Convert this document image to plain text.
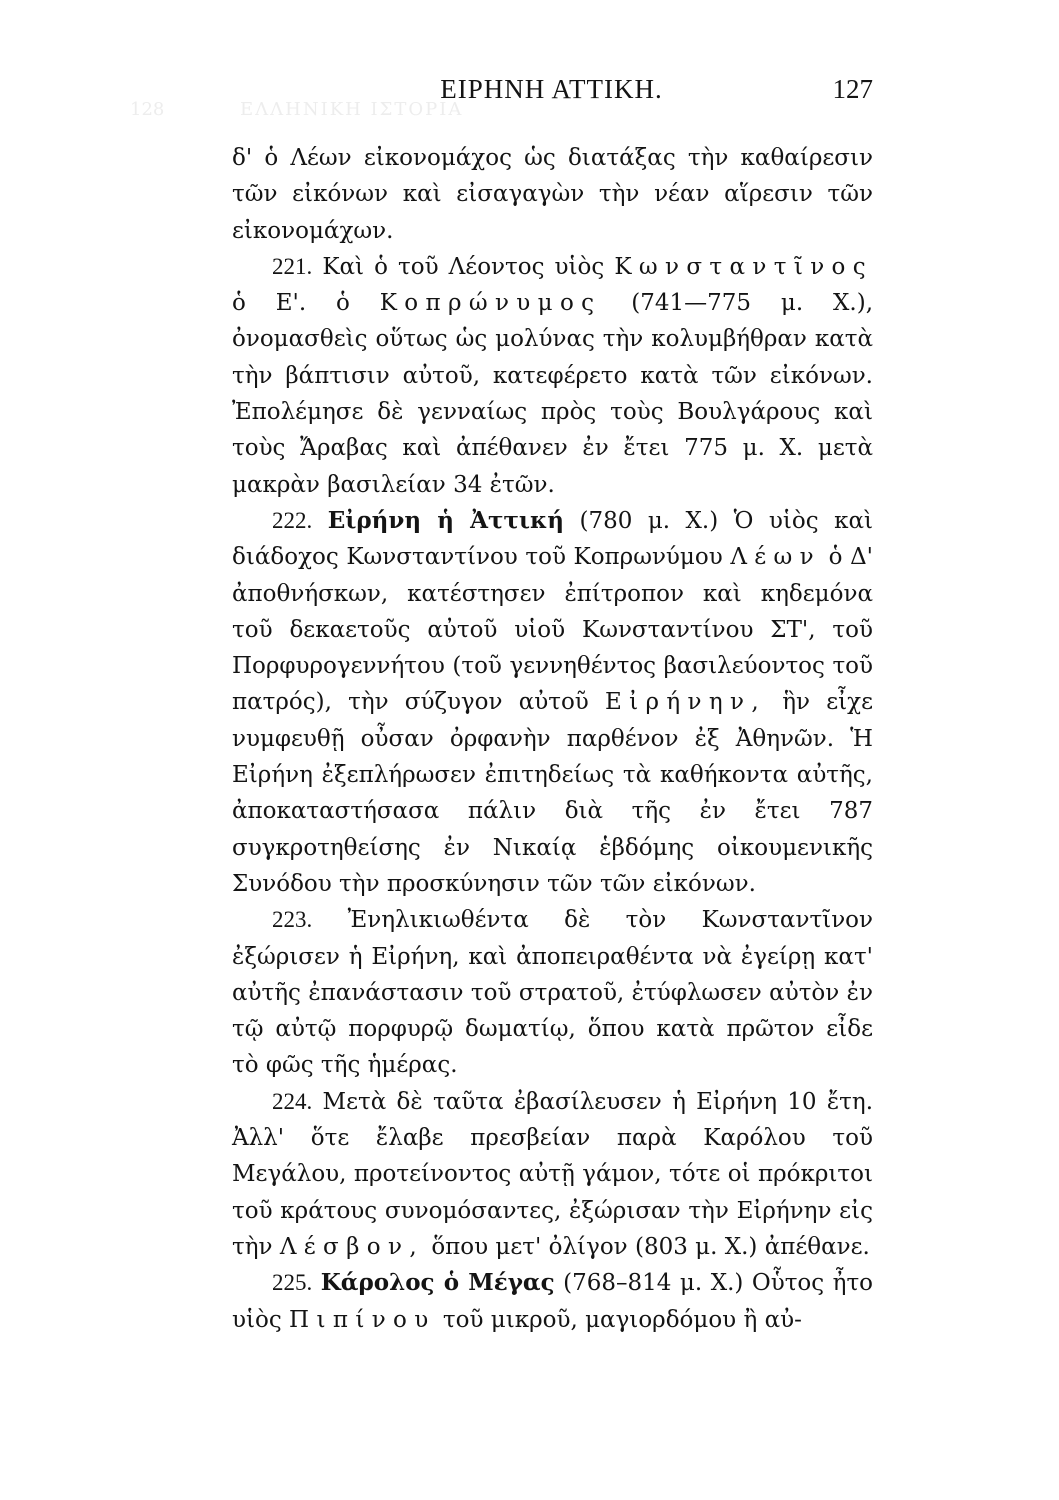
ΕΛΛΗΝΙΚΗ ΙΣΤΟΡΙΑ
128
ΕΙΡΗΝΗ ΑΤΤΙΚΗ.	127

δ' ὁ Λέων εἰκονομάχος ὡς διατάξας τὴν καθαίρεσιν τῶν εἰκόνων καὶ εἰσαγαγὼν τὴν νέαν αἵρεσιν τῶν εἰκονομάχων.

221. Καὶ ὁ τοῦ Λέοντος υἱὸς Κωνσταντῖνος ὁ Ε'. ὁ Κοπρώνυμος (741—775 μ. Χ.), ὀνομασθεὶς οὕτως ὡς μολύνας τὴν κολυμβήθραν κατὰ τὴν βάπτισιν αὐτοῦ, κατεφέρετο κατὰ τῶν εἰκόνων. Ἐπολέμησε δὲ γενναίως πρὸς τοὺς Βουλγάρους καὶ τοὺς Ἄραβας καὶ ἀπέθανεν ἐν ἔτει 775 μ. Χ. μετὰ μακρὰν βασιλείαν 34 ἐτῶν.

222. Εἰρήνη ἡ Ἀττική (780 μ. Χ.) Ὁ υἱὸς καὶ διάδοχος Κωνσταντίνου τοῦ Κοπρωνύμου Λέων ὁ Δ' ἀποθνήσκων, κατέστησεν ἐπίτροπον καὶ κηδεμόνα τοῦ δεκαετοῦς αὐτοῦ υἱοῦ Κωνσταντίνου ΣΤ', τοῦ Πορφυρογεννήτου (τοῦ γεννηθέντος βασιλεύοντος τοῦ πατρός), τὴν σύζυγον αὐτοῦ Εἰρήνην, ἣν εἶχε νυμφευθῇ οὖσαν ὀρφανὴν παρθένον ἐξ Ἀθηνῶν. Ἡ Εἰρήνη ἐξεπλήρωσεν ἐπιτηδείως τὰ καθήκοντα αὐτῆς, ἀποκαταστήσασα πάλιν διὰ τῆς ἐν ἔτει 787 συγκροτηθείσης ἐν Νικαίᾳ ἑβδόμης οἰκουμενικῆς Συνόδου τὴν προσκύνησιν τῶν τῶν εἰκόνων.

223. Ἐνηλικιωθέντα δὲ τὸν Κωνσταντῖνον ἐξώρισεν ἡ Εἰρήνη, καὶ ἀποπειραθέντα νὰ ἐγείρῃ κατ' αὐτῆς ἐπανάστασιν τοῦ στρατοῦ, ἐτύφλωσεν αὐτὸν ἐν τῷ αὐτῷ πορφυρῷ δωματίῳ, ὅπου κατὰ πρῶτον εἶδε τὸ φῶς τῆς ἡμέρας.

224. Μετὰ δὲ ταῦτα ἐβασίλευσεν ἡ Εἰρήνη 10 ἔτη. Ἀλλ' ὅτε ἔλαβε πρεσβείαν παρὰ Καρόλου τοῦ Μεγάλου, προτείνοντος αὐτῇ γάμον, τότε οἱ πρόκριτοι τοῦ κράτους συνομόσαντες, ἐξώρισαν τὴν Εἰρήνην εἰς τὴν Λέσβον, ὅπου μετ' ὀλίγον (803 μ. Χ.) ἀπέθανε.

225. Κάρολος ὁ Μέγας (768–814 μ. Χ.) Οὗτος ἦτο υἱὸς Πιπίνου τοῦ μικροῦ, μαγιορδόμου ἢ αὐ-
